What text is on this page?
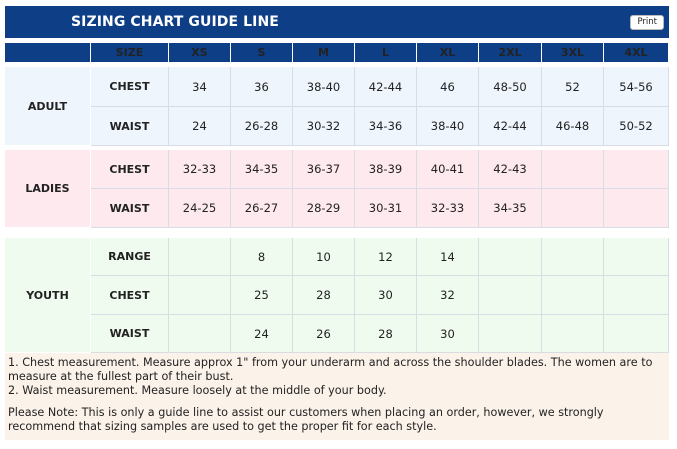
SIZING CHART GUIDE LINE	Print
	SIZE	XS	S	M	L	XL	2XL	3XL	4XL

ADULT	CHEST	34	36	38-40	42-44	46	48-50	52	54-56
	WAIST	24	26-28	30-32	34-36	38-40	42-44	46-48	50-52

LADIES	CHEST	32-33	34-35	36-37	38-39	40-41	42-43		
	WAIST	24-25	26-27	28-29	30-31	32-33	34-35		

YOUTH	RANGE		8	10	12	14			
	CHEST		25	28	30	32			
	WAIST		24	26	28	30			

1. Chest measurement. Measure approx 1" from your underarm and across the shoulder blades. The women are to measure at the fullest part of their bust.

2. Waist measurement. Measure loosely at the middle of your body.

Please Note: This is only a guide line to assist our customers when placing an order, however, we strongly recommend that sizing samples are used to get the proper fit for each style.
